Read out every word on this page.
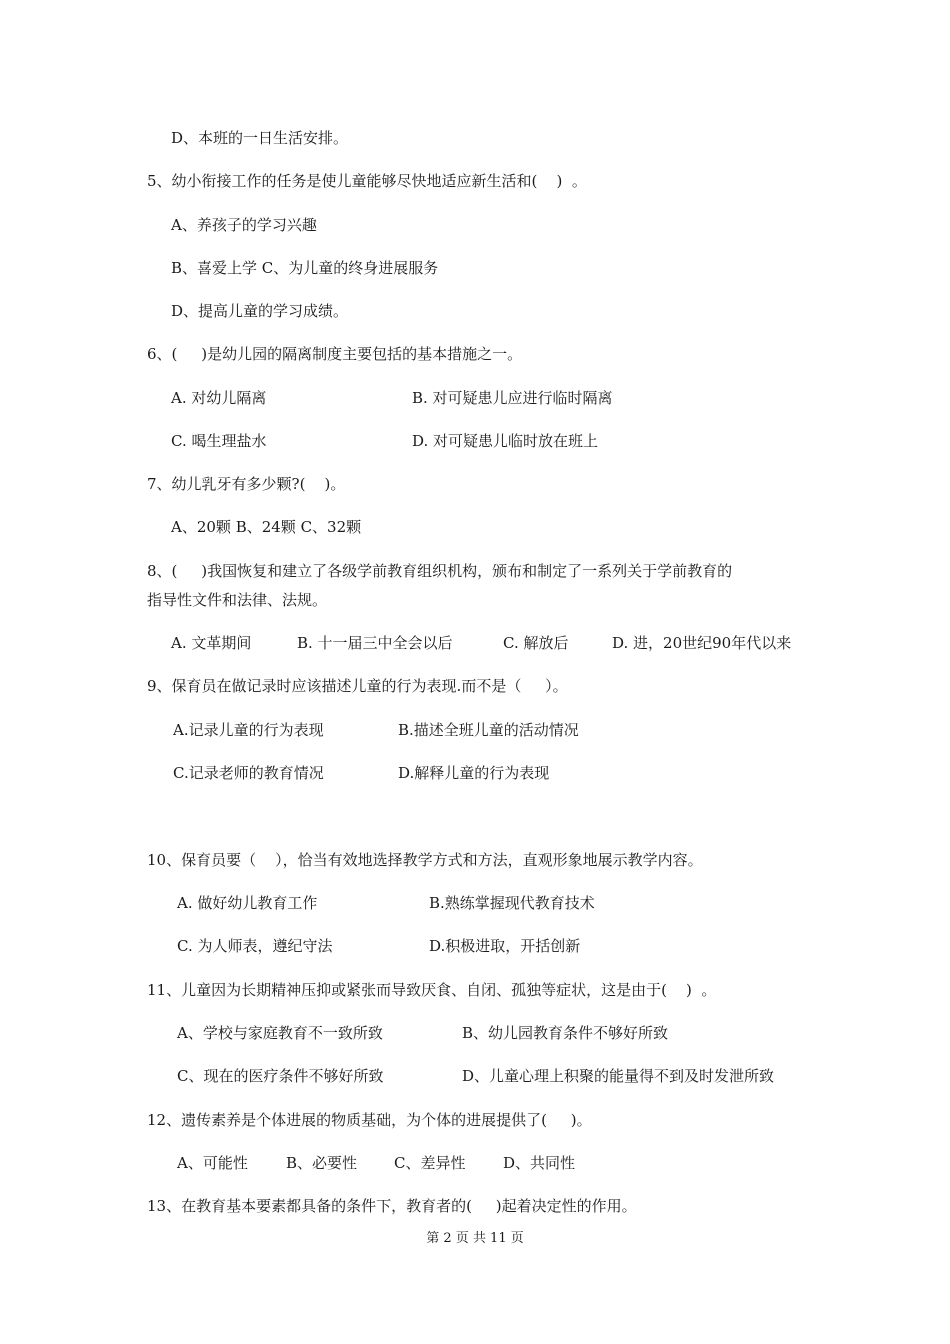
D、本班的一日生活安排。
5、幼小衔接工作的任务是使儿童能够尽快地适应新生活和(    )  。
A、养孩子的学习兴趣
B、喜爱上学 C、为儿童的终身进展服务
D、提高儿童的学习成绩。
6、(     )是幼儿园的隔离制度主要包括的基本措施之一。
A. 对幼儿隔离	B. 对可疑患儿应进行临时隔离
C. 喝生理盐水	D. 对可疑患儿临时放在班上
7、幼儿乳牙有多少颗?(    )。
A、20颗 B、24颗 C、32颗
8、(     )我国恢复和建立了各级学前教育组织机构，颁布和制定了一系列关于学前教育的
指导性文件和法律、法规。
A. 文革期间	B. 十一届三中全会以后	C. 解放后	D. 进，20世纪90年代以来
9、保育员在做记录时应该描述儿童的行为表现.而不是（     ）。
A.记录儿童的行为表现	B.描述全班儿童的活动情况
C.记录老师的教育情况	D.解释儿童的行为表现
10、保育员要（    ），恰当有效地选择教学方式和方法，直观形象地展示教学内容。
A. 做好幼儿教育工作	B.熟练掌握现代教育技术
C. 为人师表，遵纪守法	D.积极进取，开括创新
11、儿童因为长期精神压抑或紧张而导致厌食、自闭、孤独等症状，这是由于(    )  。
A、学校与家庭教育不一致所致	B、幼儿园教育条件不够好所致
C、现在的医疗条件不够好所致	D、儿童心理上积聚的能量得不到及时发泄所致
12、遗传素养是个体进展的物质基础，为个体的进展提供了(     )。
A、可能性	B、必要性 C、差异性	D、共同性
13、在教育基本要素都具备的条件下，教育者的(     )起着决定性的作用。
第 2 页 共 11 页
